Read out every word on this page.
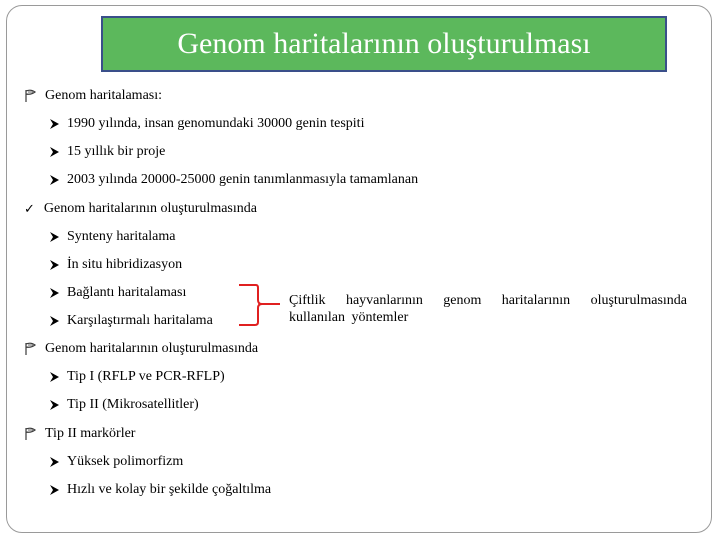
Genom haritalarının oluşturulması
Genom haritalaması:
1990 yılında, insan genomundaki 30000 genin tespiti
15 yıllık bir proje
2003 yılında 20000-25000 genin tanımlanmasıyla tamamlanan
✓ Genom haritalarının oluşturulmasında
Synteny haritalama
İn situ hibridizasyon
Bağlantı haritalaması
Karşılaştırmalı haritalama
Çiftlik hayvanlarının genom haritalarının oluşturulmasında
kullanılan yöntemler
Genom haritalarının oluşturulmasında
Tip I (RFLP ve PCR-RFLP)
Tip II (Mikrosatellitler)
Tip II markörler
Yüksek polimorfizm
Hızlı ve kolay bir şekilde çoğaltılma
